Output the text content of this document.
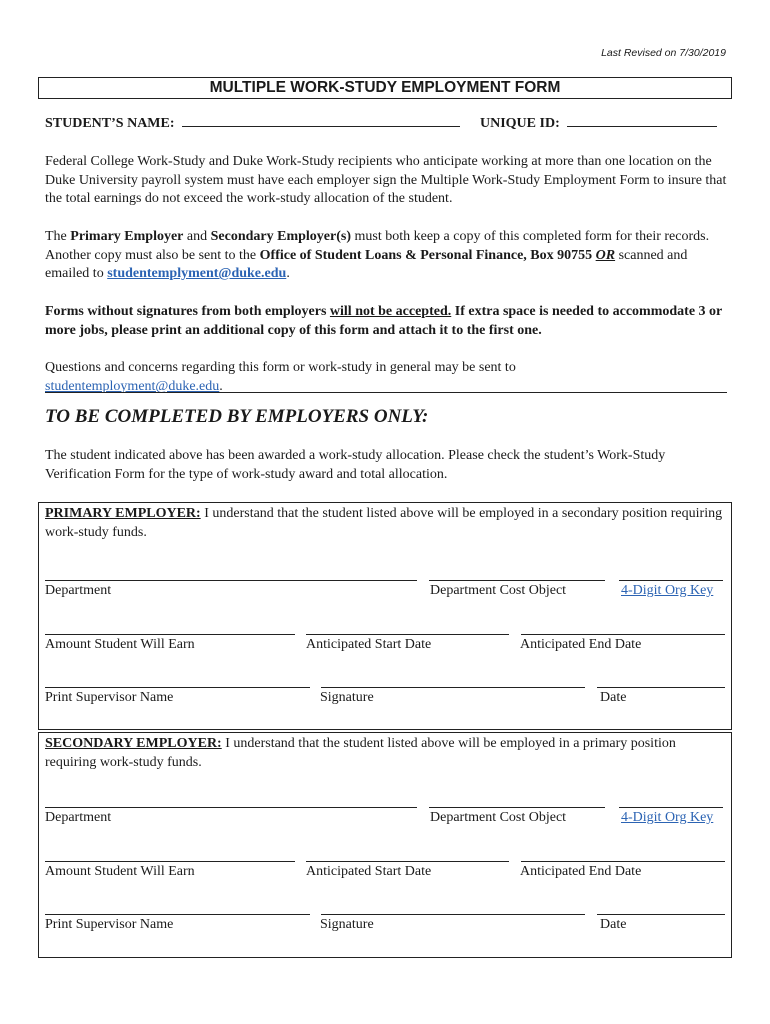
Last Revised on 7/30/2019
MULTIPLE WORK-STUDY EMPLOYMENT FORM
STUDENT’S NAME:	UNIQUE ID:
Federal College Work-Study and Duke Work-Study recipients who anticipate working at more than one location on the Duke University payroll system must have each employer sign the Multiple Work-Study Employment Form to insure that the total earnings do not exceed the work-study allocation of the student.
The Primary Employer and Secondary Employer(s) must both keep a copy of this completed form for their records. Another copy must also be sent to the Office of Student Loans & Personal Finance, Box 90755 OR scanned and emailed to studentemplyment@duke.edu.
Forms without signatures from both employers will not be accepted. If extra space is needed to accommodate 3 or more jobs, please print an additional copy of this form and attach it to the first one.
Questions and concerns regarding this form or work-study in general may be sent to
studentemployment@duke.edu.
TO BE COMPLETED BY EMPLOYERS ONLY:
The student indicated above has been awarded a work-study allocation. Please check the student’s Work-Study Verification Form for the type of work-study award and total allocation.
PRIMARY EMPLOYER: I understand that the student listed above will be employed in a secondary position requiring work-study funds.
Department	Department Cost Object	4-Digit Org Key
Amount Student Will Earn	Anticipated Start Date	Anticipated End Date
Print Supervisor Name	Signature	Date
SECONDARY EMPLOYER: I understand that the student listed above will be employed in a primary position requiring work-study funds.
Department	Department Cost Object	4-Digit Org Key
Amount Student Will Earn	Anticipated Start Date	Anticipated End Date
Print Supervisor Name	Signature	Date
